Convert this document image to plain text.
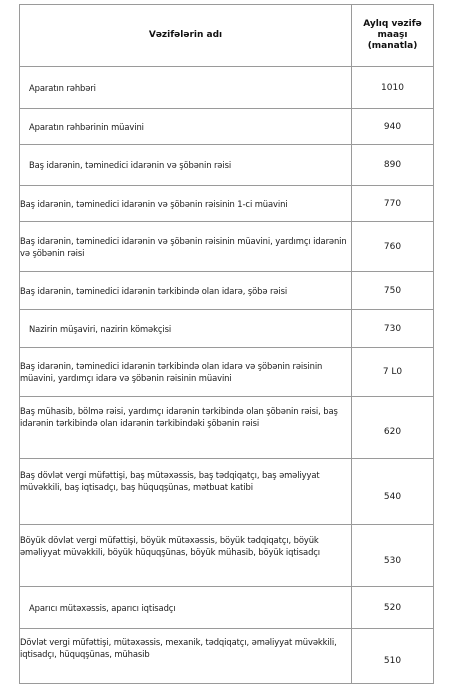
Vəzifələrin adı	Aylıq vəzifə maaşı (manatla)
Aparatın rəhbəri	1010
Aparatın rəhbərinin müavini	940
Baş idarənin, təminedici idarənin və şöbənin rəisi	890
Baş idarənin, təminedici idarənin və şöbənin rəisinin 1-ci müavini	770
Baş idarənin, təminedici idarənin və şöbənin rəisinin müavini, yardımçı idarənin və şöbənin rəisi	760
Baş idarənin, təminedici idarənin tərkibində olan idarə, şöbə rəisi	750
Nazirin müşaviri, nazirin köməkçisi	730
Baş idarənin, təminedici idarənin tərkibində olan idarə və şöbənin rəisinin müavini, yardımçı idarə və şöbənin rəisinin müavini	7 L0
Baş mühasib, bölmə rəisi, yardımçı idarənin tərkibində olan şöbənin rəisi, baş idarənin tərkibində olan idarənin tərkibindəki şöbənin rəisi	620
Baş dövlət vergi müfəttişi, baş mütəxəssis, baş tədqiqatçı, baş əməliyyat müvəkkili, baş iqtisadçı, baş hüquqşünas, mətbuat katibi	540
Böyük dövlət vergi müfəttişi, böyük mütəxəssis, böyük tədqiqatçı, böyük əməliyyat müvəkkili, böyük hüquqşünas, böyük mühasib, böyük iqtisadçı	530
Aparıcı mütəxəssis, aparıcı iqtisadçı	520
Dövlət vergi müfəttişi, mütəxəssis, mexanik, tədqiqatçı, əməliyyat müvəkkili, iqtisadçı, hüquqşünas, mühasib	510
